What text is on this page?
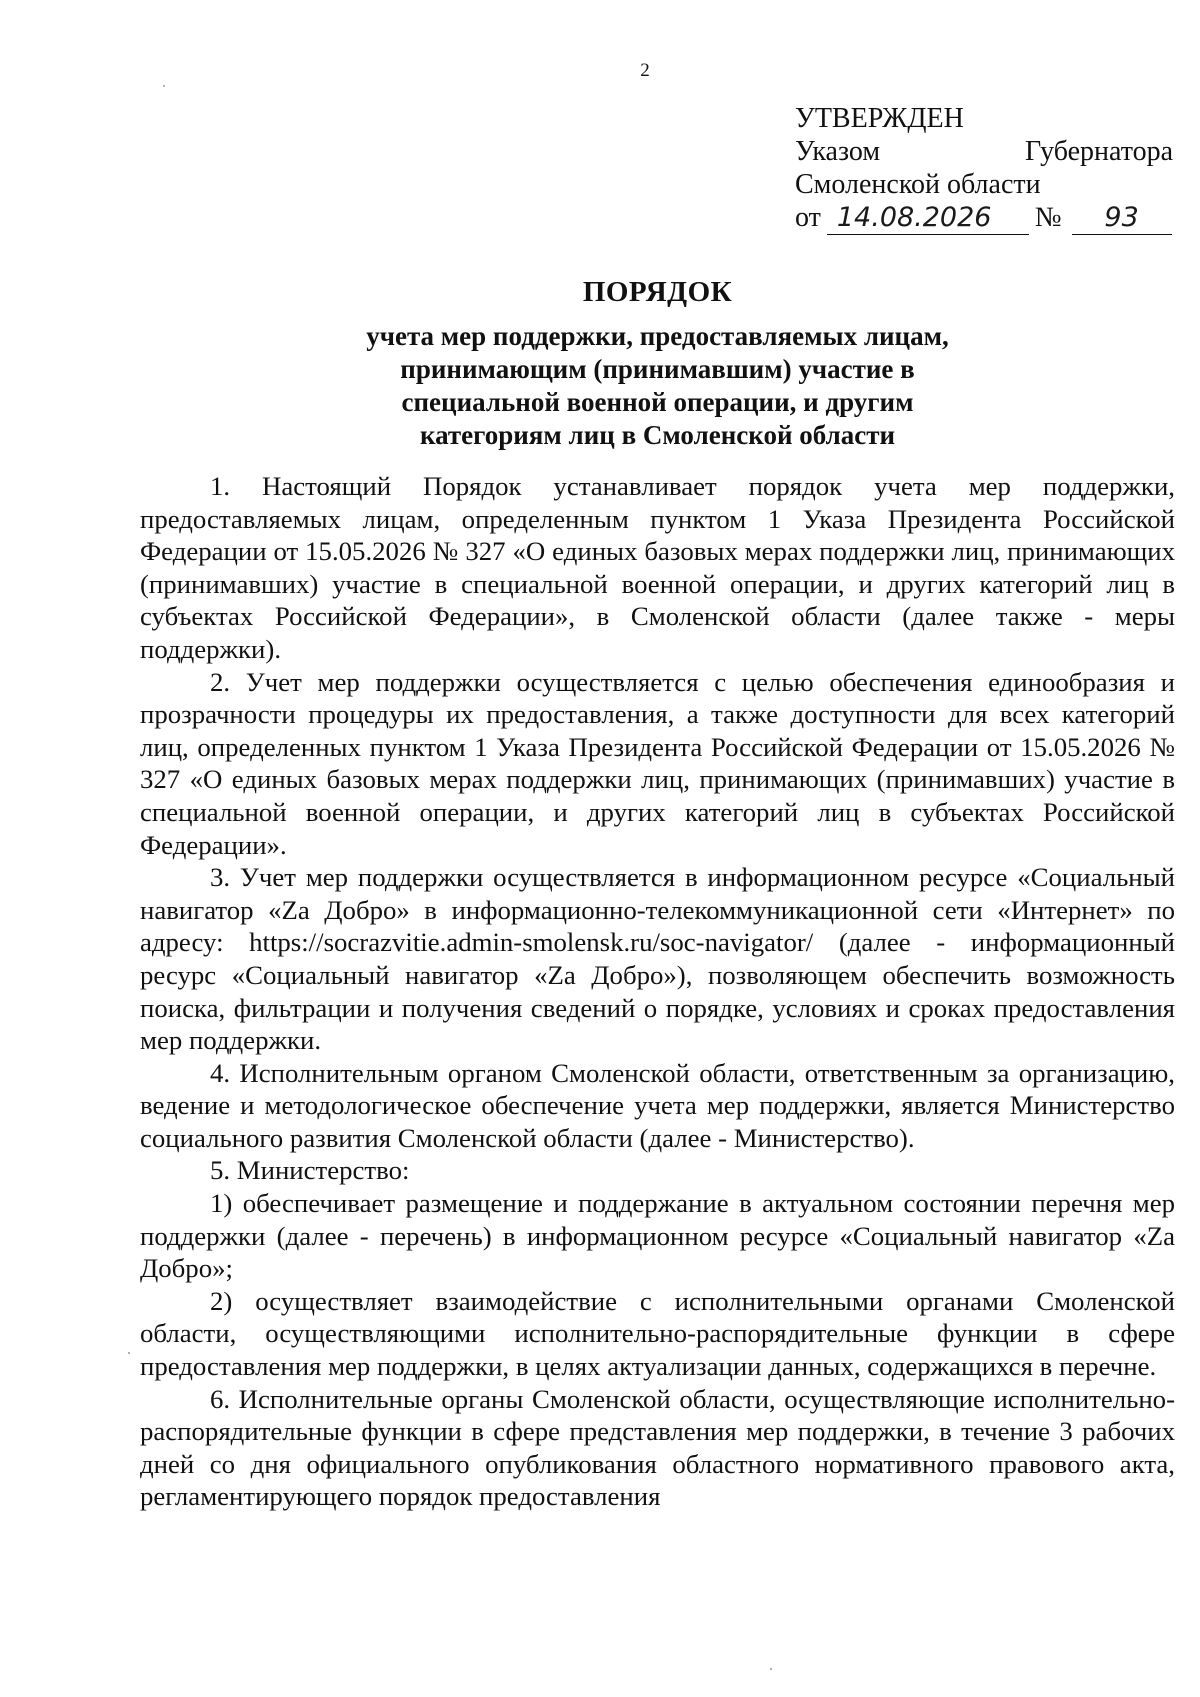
2
УТВЕРЖДЕН
Указом	Губернатора
Смоленской области
от 14.08.2026	№	93
ПОРЯДОК
учета мер поддержки, предоставляемых лицам,
принимающим (принимавшим) участие в
специальной военной операции, и другим
категориям лиц в Смоленской области

1. Настоящий Порядок устанавливает порядок учета мер поддержки, предоставляемых лицам, определенным пунктом 1 Указа Президента Российской Федерации от 15.05.2026 № 327 «О единых базовых мерах поддержки лиц, принимающих (принимавших) участие в специальной военной операции, и других категорий лиц в субъектах Российской Федерации», в Смоленской области (далее также - меры поддержки).

2. Учет мер поддержки осуществляется с целью обеспечения единообразия и прозрачности процедуры их предоставления, а также доступности для всех категорий лиц, определенных пунктом 1 Указа Президента Российской Федерации от 15.05.2026 № 327 «О единых базовых мерах поддержки лиц, принимающих (принимавших) участие в специальной военной операции, и других категорий лиц в субъектах Российской Федерации».

3. Учет мер поддержки осуществляется в информационном ресурсе «Социальный навигатор «Za Добро» в информационно-телекоммуникационной сети «Интернет» по адресу: https://socrazvitie.admin-smolensk.ru/soc-navigator/ (далее - информационный ресурс «Социальный навигатор «Za Добро»), позволяющем обеспечить возможность поиска, фильтрации и получения сведений о порядке, условиях и сроках предоставления мер поддержки.

4. Исполнительным органом Смоленской области, ответственным за организацию, ведение и методологическое обеспечение учета мер поддержки, является Министерство социального развития Смоленской области (далее - Министерство).

5. Министерство:

1) обеспечивает размещение и поддержание в актуальном состоянии перечня мер поддержки (далее - перечень) в информационном ресурсе «Социальный навигатор «Za Добро»;

2) осуществляет взаимодействие с исполнительными органами Смоленской области, осуществляющими исполнительно-распорядительные функции в сфере предоставления мер поддержки, в целях актуализации данных, содержащихся в перечне.

6. Исполнительные органы Смоленской области, осуществляющие исполнительно-распорядительные функции в сфере представления мер поддержки, в течение 3 рабочих дней со дня официального опубликования областного нормативного правового акта, регламентирующего порядок предоставления
